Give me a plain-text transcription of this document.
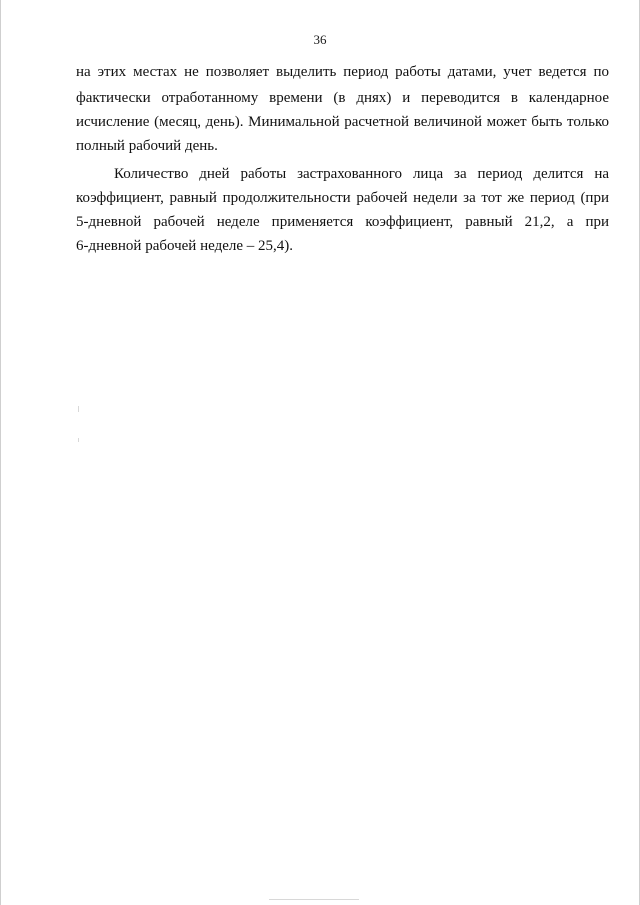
36
на этих местах не позволяет выделить период работы датами, учет ведется по
фактически отработанному времени (в днях) и переводится в календарное
исчисление (месяц, день). Минимальной расчетной величиной может быть только
полный рабочий день.
Количество дней работы застрахованного лица за период делится на
коэффициент, равный продолжительности рабочей недели за тот же период (при
5-дневной рабочей неделе применяется коэффициент, равный 21,2, а при
6-дневной рабочей неделе – 25,4).
